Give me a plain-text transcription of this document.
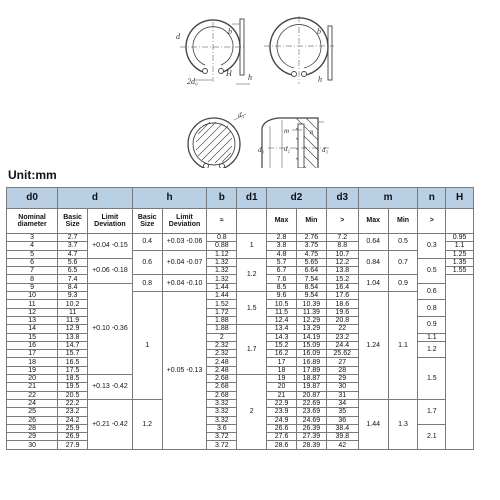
d
b
2d₀
H h
b
h
d₃
d₀
m
d₂
n
d₃
Unit:mm
d0	d		h		b	d1	d2		d3	m		n	H
Nominal diameter	Basic Size	Limit Deviation	Basic Size	Limit Deviation	≈		Max	Min	>	Max	Min	>	
3	2.7	+0.04 -0.15	0.4	+0.03 -0.06	0.8	1	2.8	2.76	7.2	0.64	0.5	0.3	0.95
4	3.7				0.88		3.8	3.75	8.8				1.1
5	4.7		0.6	+0.04 -0.07	1.12		4.8	4.75	10.7	0.84	0.7		1.25
6	5.6	+0.06 -0.18			1.32	1.2	5.7	5.65	12.2			0.5	1.35
7	6.5				1.32		6.7	6.64	13.8				1.55
8	7.4		0.8	+0.04 -0.10	1.32		7.6	7.54	15.2	1.04	0.9		
9	8.4	+0.10 -0.36			1.44		8.5	8.54	16.4			0.6	
10	9.3		1	+0.05 -0.13	1.44	1.5	9.6	9.54	17.6	1.24	1.1		
11	10.2				1.52		10.5	10.39	18.6			0.8	
12	11				1.72		11.5	11.39	19.6				
13	11.9				1.88		12.4	12.29	20.8			0.9	
14	12.9				1.88	1.7	13.4	13.29	22				
15	13.8				2		14.3	14.19	23.2			1.1	
16	14.7				2.32		15.2	15.09	24.4			1.2	
17	15.7				2.32		16.2	16.09	25.62				
18	16.5				2.48		17	16.89	27			1.5	
19	17.5				2.48		18	17.89	28				
20	18.5	+0.13 -0.42			2.68	2	19	18.87	29				
21	19.5				2.68		20	19.87	30				
22	20.5				2.68		21	20.87	31				
24	22.2	+0.21 -0.42	1.2		3.32		22.9	22.69	34	1.44	1.3	1.7	
25	23.2				3.32		23.9	23.69	35				
26	24.2				3.32		24.9	24.69	36				
28	25.9				3.6		26.6	26.39	38.4			2.1	
29	26.9				3.72		27.6	27.39	39.8				
30	27.9				3.72		28.6	28.39	42				
